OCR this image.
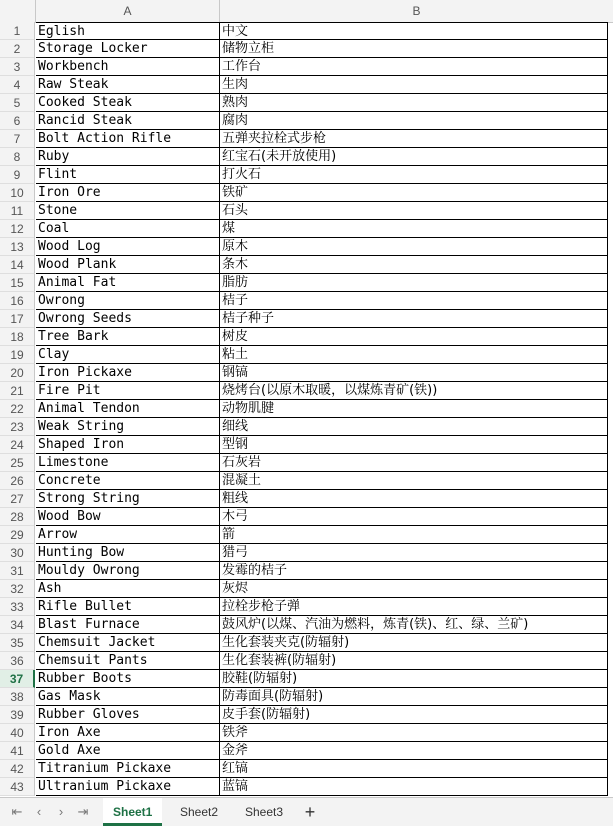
A	B
1	Eglish	中文
2	Storage Locker	储物立柜
3	Workbench	工作台
4	Raw Steak	生肉
5	Cooked Steak	熟肉
6	Rancid Steak	腐肉
7	Bolt Action Rifle	五弹夹拉栓式步枪
8	Ruby	红宝石(未开放使用)
9	Flint	打火石
10	Iron Ore	铁矿
11	Stone	石头
12	Coal	煤
13	Wood Log	原木
14	Wood Plank	条木
15	Animal Fat	脂肪
16	Owrong	桔子
17	Owrong Seeds	桔子种子
18	Tree Bark	树皮
19	Clay	粘土
20	Iron Pickaxe	钢镐
21	Fire Pit	烧烤台(以原木取暖，以煤炼青矿(铁))
22	Animal Tendon	动物肌腱
23	Weak String	细线
24	Shaped Iron	型钢
25	Limestone	石灰岩
26	Concrete	混凝土
27	Strong String	粗线
28	Wood Bow	木弓
29	Arrow	箭
30	Hunting Bow	猎弓
31	Mouldy Owrong	发霉的桔子
32	Ash	灰烬
33	Rifle Bullet	拉栓步枪子弹
34	Blast Furnace	鼓风炉(以煤、汽油为燃料，炼青(铁)、红、绿、兰矿)
35	Chemsuit Jacket	生化套装夹克(防辐射)
36	Chemsuit Pants	生化套装裤(防辐射)
37	Rubber Boots	胶鞋(防辐射)
38	Gas Mask	防毒面具(防辐射)
39	Rubber Gloves	皮手套(防辐射)
40	Iron Axe	铁斧
41	Gold Axe	金斧
42	Titranium Pickaxe	红镐
43	Ultranium Pickaxe	蓝镐
⇤	‹	›	⇥	Sheet1	Sheet2	Sheet3	+
